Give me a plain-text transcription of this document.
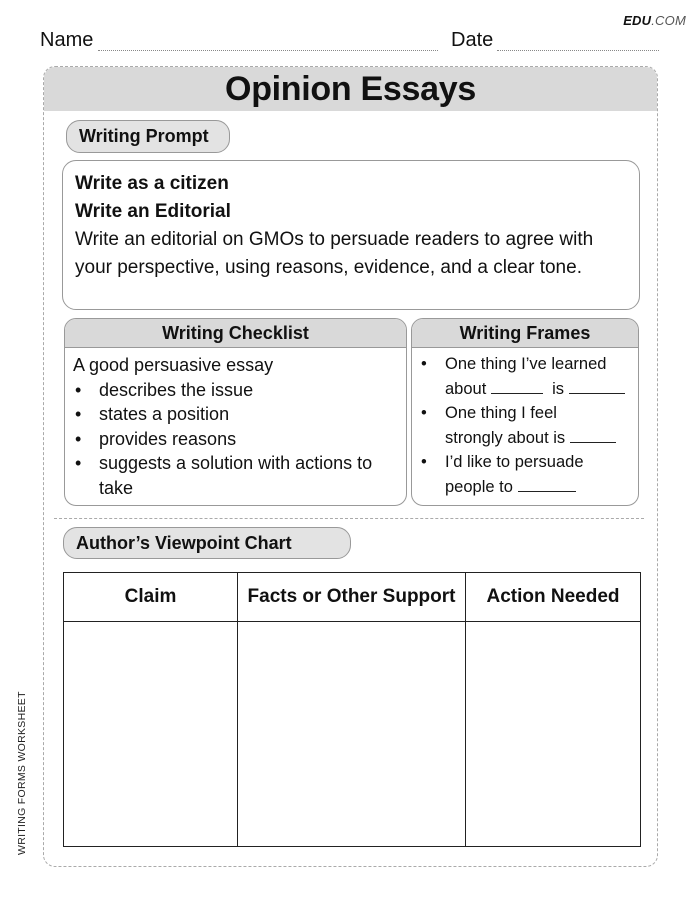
EDU.COM
Name	Date
WRITING FORMS WORKSHEET
Opinion Essays
Writing Prompt
Write as a citizen
Write an Editorial
Write an editorial on GMOs to persuade readers to agree with your perspective, using reasons, evidence, and a clear tone.
Writing Checklist
A good persuasive essay
• describes the issue
• states a position
• provides reasons
• suggests a solution with actions to take
Writing Frames
• One thing I’ve learned
about	is
• One thing I feel
strongly about is
• I’d like to persuade
people to
Author’s Viewpoint Chart
Claim	Facts or Other Support	Action Needed
